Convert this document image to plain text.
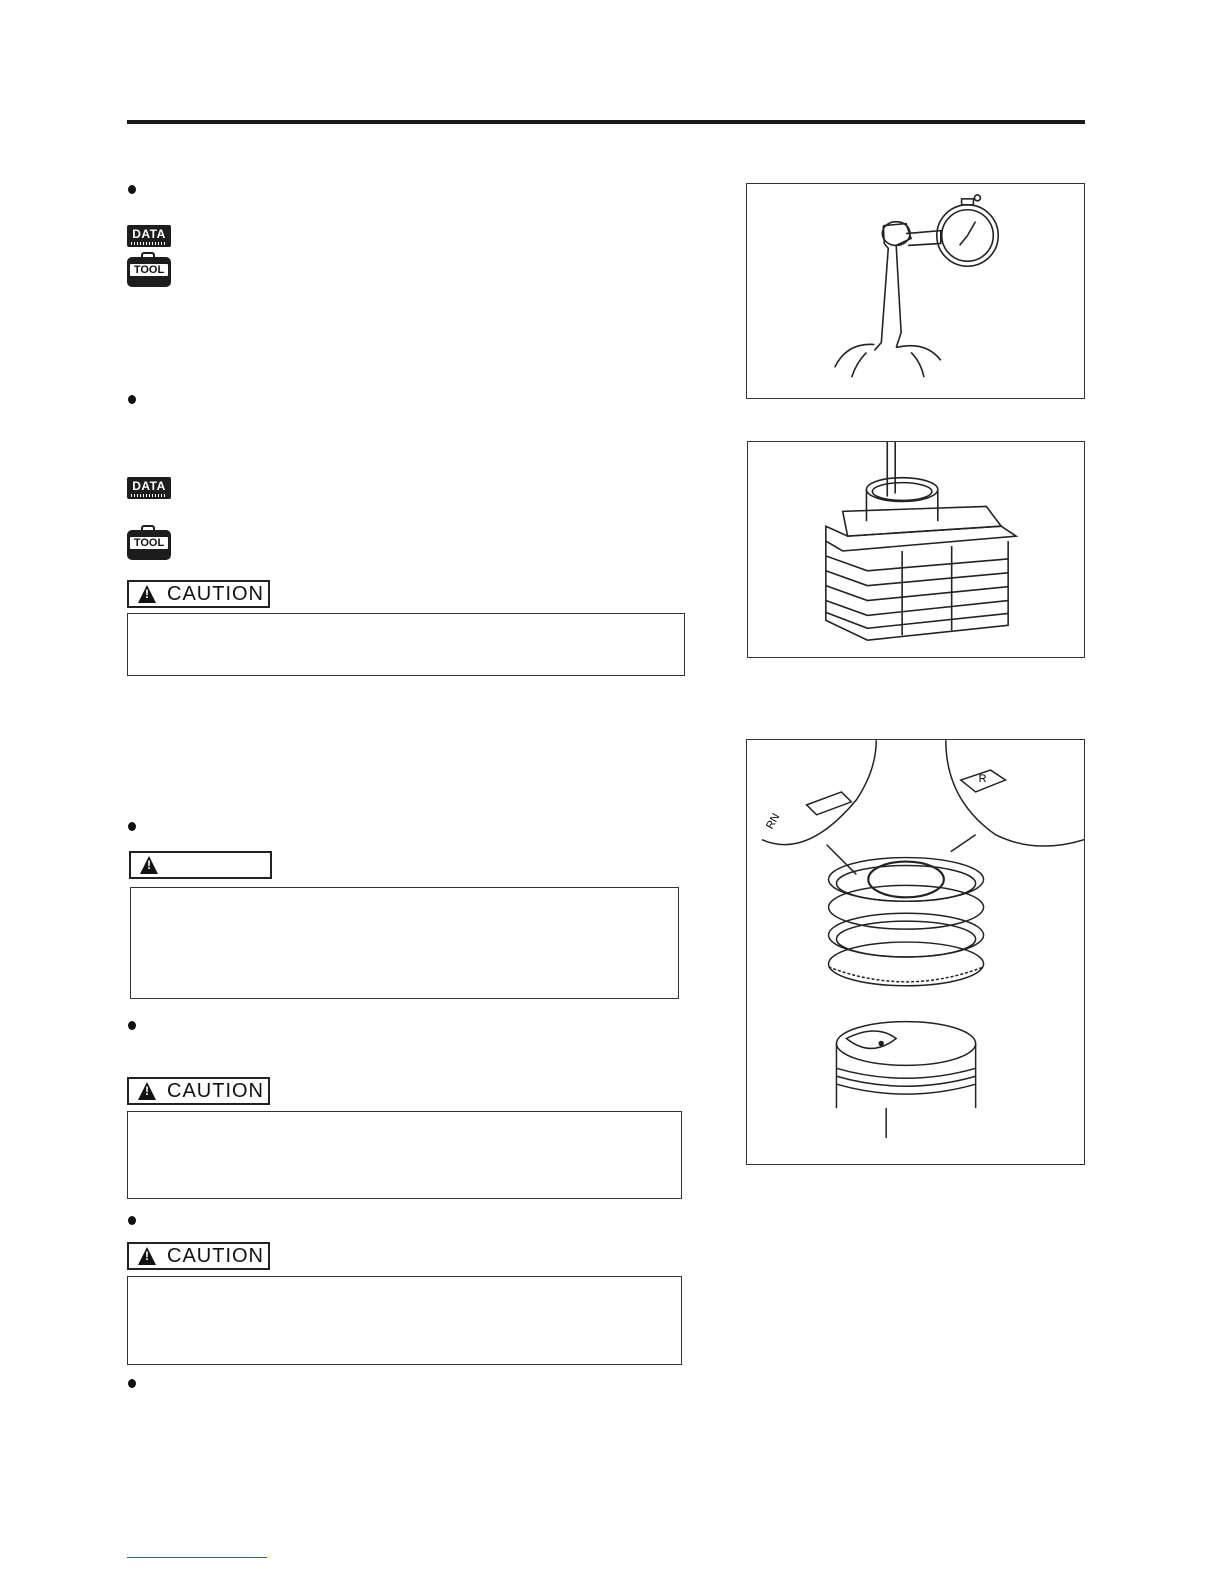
DATA
TOOL
DATA
TOOL
!
CAUTION
!
!
CAUTION
!
CAUTION
RN
R
